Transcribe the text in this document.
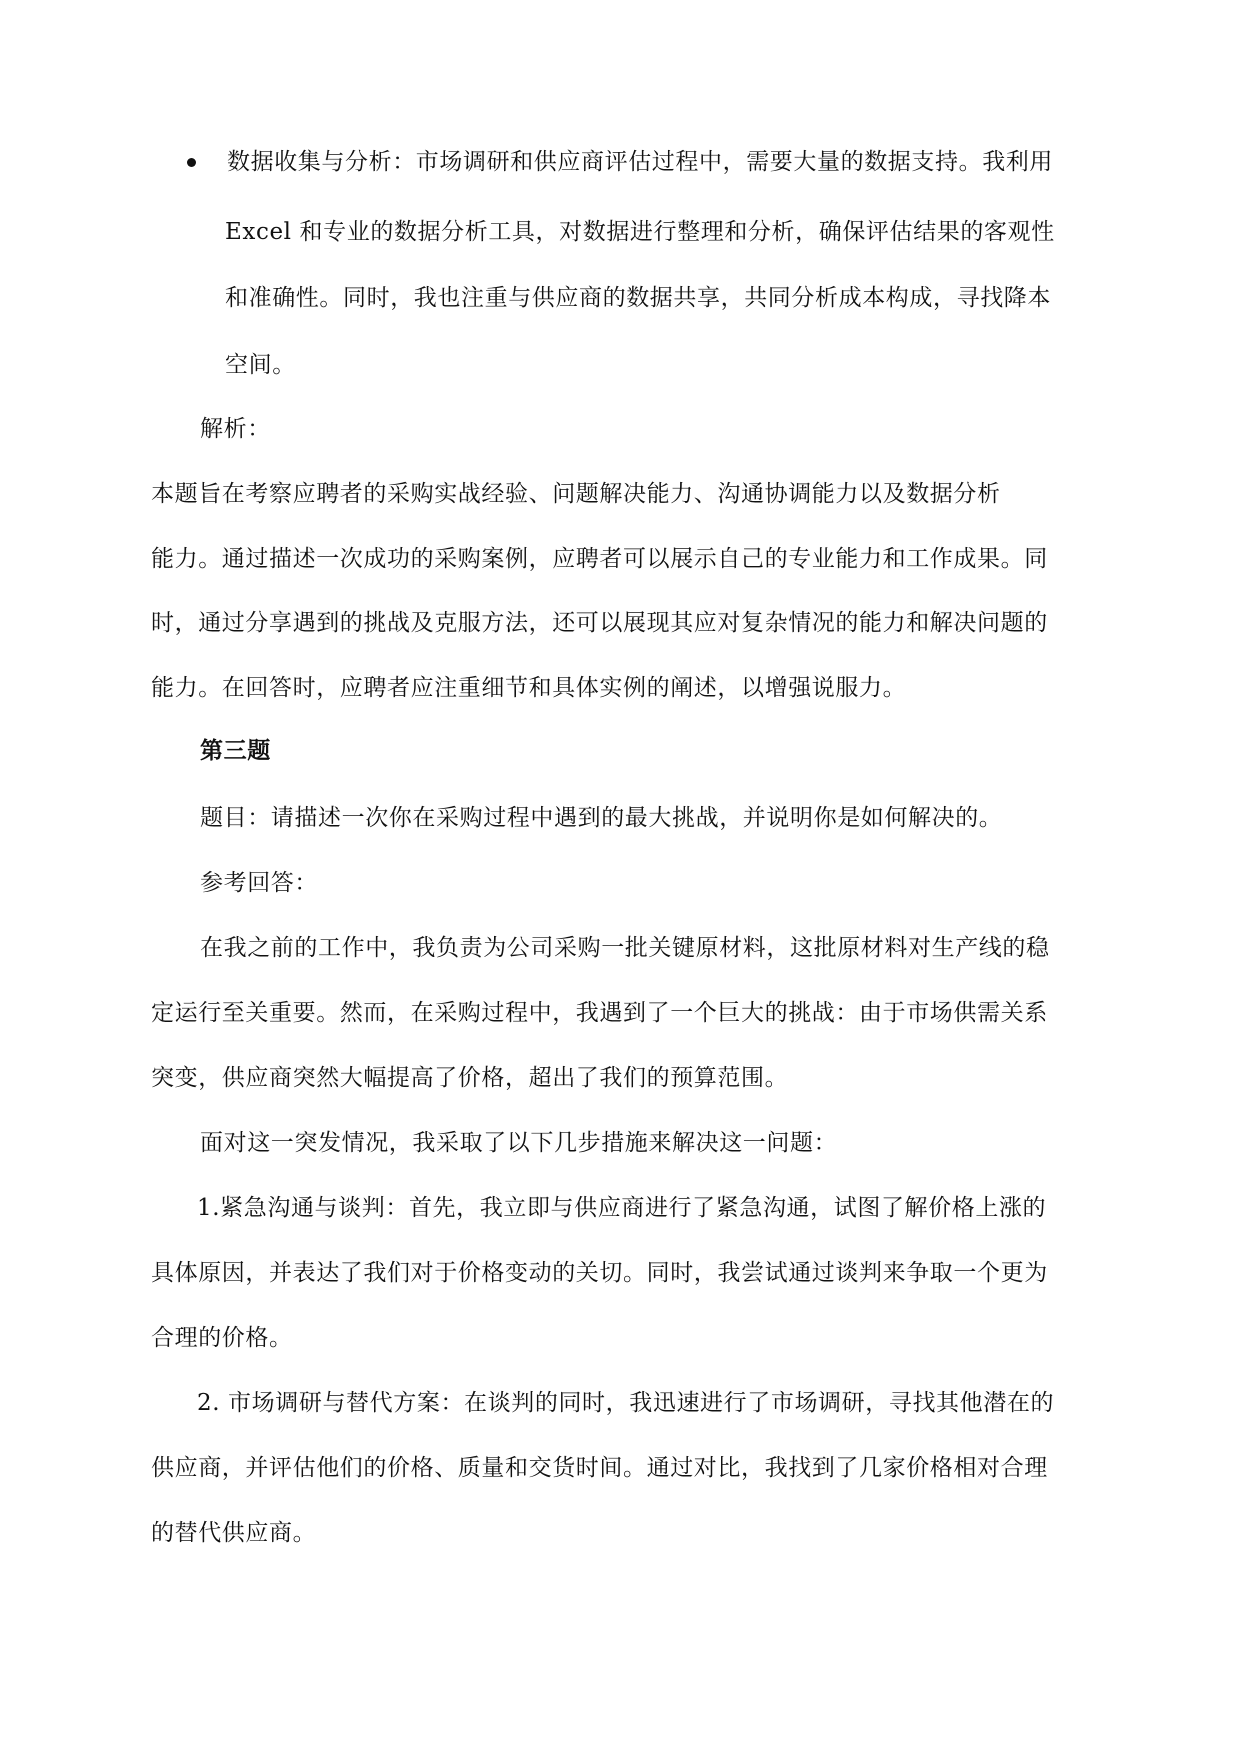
数据收集与分析：市场调研和供应商评估过程中，需要大量的数据支持。我利用
Excel 和专业的数据分析工具，对数据进行整理和分析，确保评估结果的客观性
和准确性。同时，我也注重与供应商的数据共享，共同分析成本构成，寻找降本
空间。
解析：
本题旨在考察应聘者的采购实战经验、问题解决能力、沟通协调能力以及数据分析
能力。通过描述一次成功的采购案例，应聘者可以展示自己的专业能力和工作成果。同
时，通过分享遇到的挑战及克服方法，还可以展现其应对复杂情况的能力和解决问题的
能力。在回答时，应聘者应注重细节和具体实例的阐述，以增强说服力。
第三题
题目：请描述一次你在采购过程中遇到的最大挑战，并说明你是如何解决的。
参考回答：
在我之前的工作中，我负责为公司采购一批关键原材料，这批原材料对生产线的稳
定运行至关重要。然而，在采购过程中，我遇到了一个巨大的挑战：由于市场供需关系
突变，供应商突然大幅提高了价格，超出了我们的预算范围。
面对这一突发情况，我采取了以下几步措施来解决这一问题：
1.紧急沟通与谈判：首先，我立即与供应商进行了紧急沟通，试图了解价格上涨的
具体原因，并表达了我们对于价格变动的关切。同时，我尝试通过谈判来争取一个更为
合理的价格。
2. 市场调研与替代方案：在谈判的同时，我迅速进行了市场调研，寻找其他潜在的
供应商，并评估他们的价格、质量和交货时间。通过对比，我找到了几家价格相对合理
的替代供应商。
